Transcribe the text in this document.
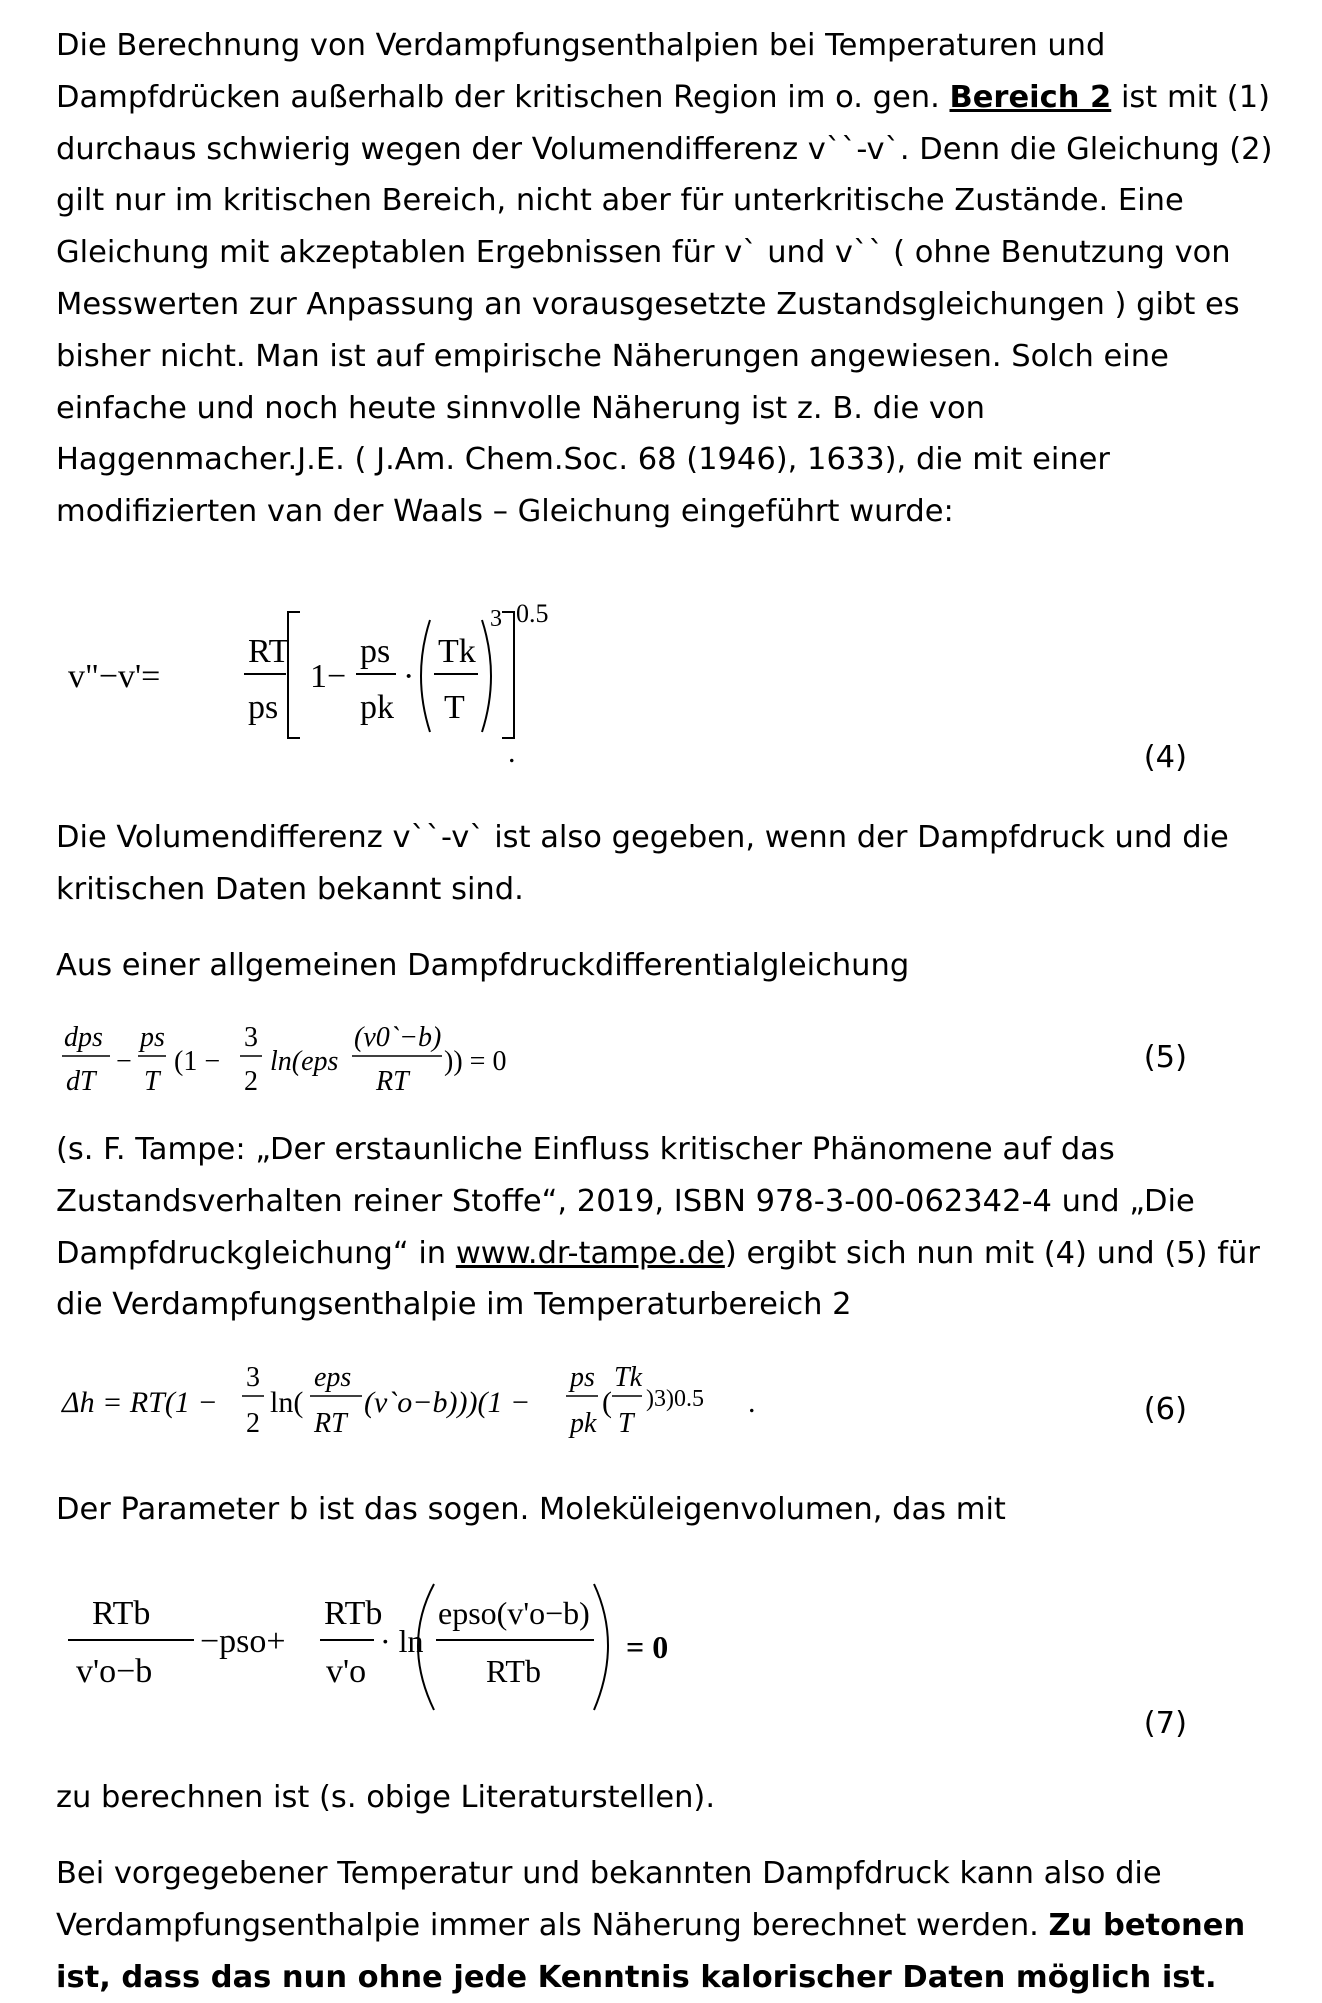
Die Berechnung von Verdampfungsenthalpien bei Temperaturen und
Dampfdrücken außerhalb der kritischen Region im o. gen. Bereich 2 ist mit (1)
durchaus schwierig wegen der Volumendifferenz v``-v`. Denn die Gleichung (2)
gilt nur im kritischen Bereich, nicht aber für unterkritische Zustände. Eine
Gleichung mit akzeptablen Ergebnissen für v` und v`` ( ohne Benutzung von
Messwerten zur Anpassung an vorausgesetzte Zustandsgleichungen ) gibt es
bisher nicht. Man ist auf empirische Näherungen angewiesen. Solch eine
einfache und noch heute sinnvolle Näherung ist z. B. die von
Haggenmacher.J.E. ( J.Am. Chem.Soc. 68 (1946), 1633), die mit einer
modifizierten van der Waals – Gleichung eingeführt wurde:
v"−v'=
RT
ps
1−
ps
pk
·
Tk
T
3 0.5
.	(4)
Die Volumendifferenz v``-v` ist also gegeben, wenn der Dampfdruck und die
kritischen Daten bekannt sind.
Aus einer allgemeinen Dampfdruckdifferentialgleichung
dps
dT
−
ps
T
(1 −
3
2
ln(eps
(v0`−b)
RT
)) = 0	(5)
(s. F. Tampe: „Der erstaunliche Einfluss kritischer Phänomene auf das
Zustandsverhalten reiner Stoffe“, 2019, ISBN 978-3-00-062342-4 und „Die
Dampfdruckgleichung“ in www.dr-tampe.de) ergibt sich nun mit (4) und (5) für
die Verdampfungsenthalpie im Temperaturbereich 2
Δh = RT(1 −
3
2
ln(
eps
RT
(v`o−b)))(1 −
ps
pk
(
Tk
T
)3)0.5 .	(6)
Der Parameter b ist das sogen. Moleküleigenvolumen, das mit
RTb
v'o−b
−pso+
RTb
v'o
· ln
epso(v'o−b)
RTb
= 0
(7)
zu berechnen ist (s. obige Literaturstellen).
Bei vorgegebener Temperatur und bekannten Dampfdruck kann also die
Verdampfungsenthalpie immer als Näherung berechnet werden. Zu betonen
ist, dass das nun ohne jede Kenntnis kalorischer Daten möglich ist.
